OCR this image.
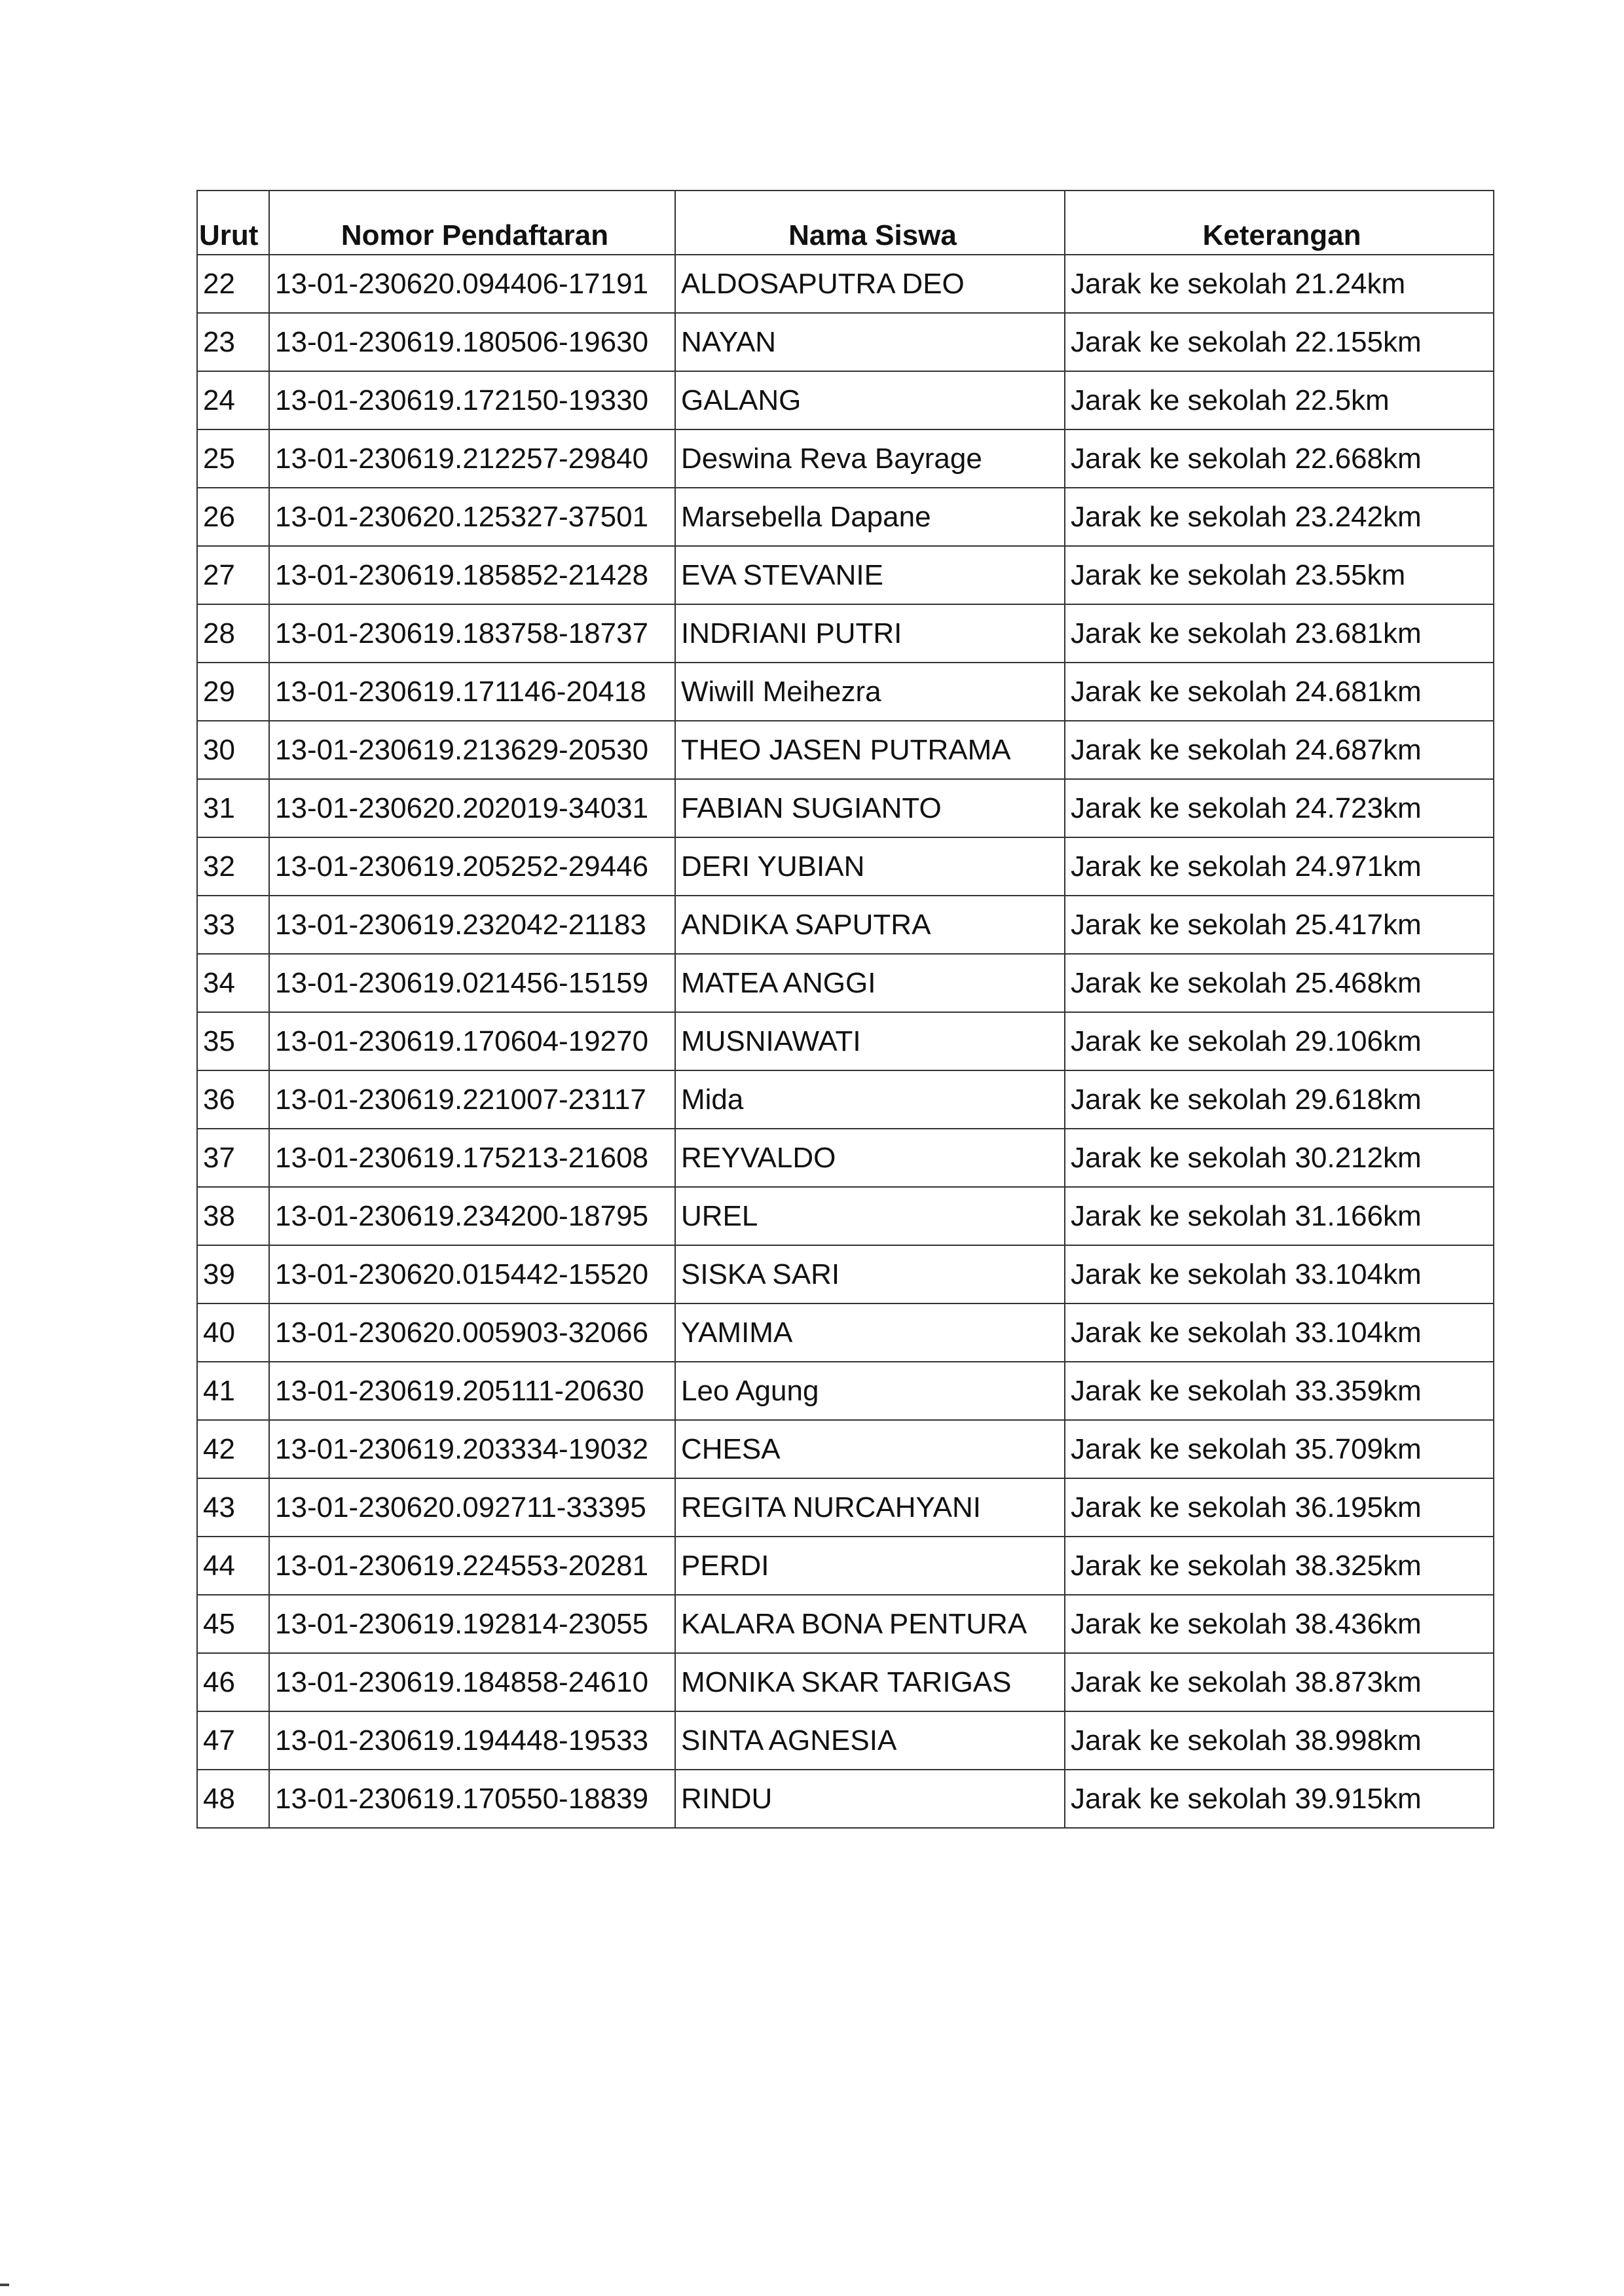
Urut	Nomor Pendaftaran	Nama Siswa	Keterangan
22	13-01-230620.094406-17191	ALDOSAPUTRA DEO	Jarak ke sekolah 21.24km
23	13-01-230619.180506-19630	NAYAN	Jarak ke sekolah 22.155km
24	13-01-230619.172150-19330	GALANG	Jarak ke sekolah 22.5km
25	13-01-230619.212257-29840	Deswina Reva Bayrage	Jarak ke sekolah 22.668km
26	13-01-230620.125327-37501	Marsebella Dapane	Jarak ke sekolah 23.242km
27	13-01-230619.185852-21428	EVA STEVANIE	Jarak ke sekolah 23.55km
28	13-01-230619.183758-18737	INDRIANI PUTRI	Jarak ke sekolah 23.681km
29	13-01-230619.171146-20418	Wiwill Meihezra	Jarak ke sekolah 24.681km
30	13-01-230619.213629-20530	THEO JASEN PUTRAMA	Jarak ke sekolah 24.687km
31	13-01-230620.202019-34031	FABIAN SUGIANTO	Jarak ke sekolah 24.723km
32	13-01-230619.205252-29446	DERI YUBIAN	Jarak ke sekolah 24.971km
33	13-01-230619.232042-21183	ANDIKA SAPUTRA	Jarak ke sekolah 25.417km
34	13-01-230619.021456-15159	MATEA ANGGI	Jarak ke sekolah 25.468km
35	13-01-230619.170604-19270	MUSNIAWATI	Jarak ke sekolah 29.106km
36	13-01-230619.221007-23117	Mida	Jarak ke sekolah 29.618km
37	13-01-230619.175213-21608	REYVALDO	Jarak ke sekolah 30.212km
38	13-01-230619.234200-18795	UREL	Jarak ke sekolah 31.166km
39	13-01-230620.015442-15520	SISKA SARI	Jarak ke sekolah 33.104km
40	13-01-230620.005903-32066	YAMIMA	Jarak ke sekolah 33.104km
41	13-01-230619.205111-20630	Leo Agung	Jarak ke sekolah 33.359km
42	13-01-230619.203334-19032	CHESA	Jarak ke sekolah 35.709km
43	13-01-230620.092711-33395	REGITA NURCAHYANI	Jarak ke sekolah 36.195km
44	13-01-230619.224553-20281	PERDI	Jarak ke sekolah 38.325km
45	13-01-230619.192814-23055	KALARA BONA PENTURA	Jarak ke sekolah 38.436km
46	13-01-230619.184858-24610	MONIKA SKAR TARIGAS	Jarak ke sekolah 38.873km
47	13-01-230619.194448-19533	SINTA AGNESIA	Jarak ke sekolah 38.998km
48	13-01-230619.170550-18839	RINDU	Jarak ke sekolah 39.915km
